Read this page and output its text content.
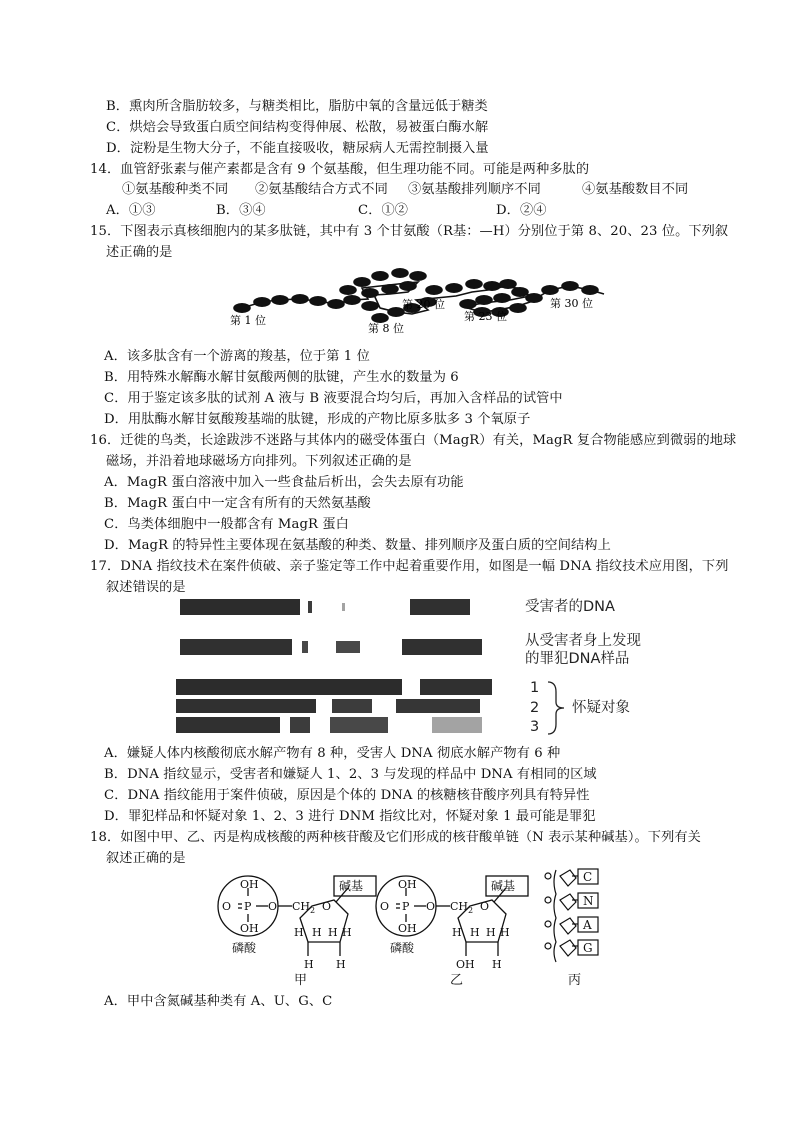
B．熏肉所含脂肪较多，与糖类相比，脂肪中氧的含量远低于糖类
C．烘焙会导致蛋白质空间结构变得伸展、松散，易被蛋白酶水解
D．淀粉是生物大分子，不能直接吸收，糖尿病人无需控制摄入量
14．血管舒张素与催产素都是含有 9 个氨基酸，但生理功能不同。可能是两种多肽的
①氨基酸种类不同 ②氨基酸结合方式不同 ③氨基酸排列顺序不同	④氨基酸数目不同
A．①③	B．③④	C．①②	D．②④
15．下图表示真核细胞内的某多肽链，其中有 3 个甘氨酸（R基：—H）分别位于第 8、20、23 位。下列叙
述正确的是
第 1 位
第 8 位
第 20 位
第 23 位
第 30 位
A．该多肽含有一个游离的羧基，位于第 1 位
B．用特殊水解酶水解甘氨酸两侧的肽键，产生水的数量为 6
C．用于鉴定该多肽的试剂 A 液与 B 液要混合均匀后，再加入含样品的试管中
D．用肽酶水解甘氨酸羧基端的肽键，形成的产物比原多肽多 3 个氧原子
16．迁徙的鸟类，长途跋涉不迷路与其体内的磁受体蛋白（MagR）有关，MagR 复合物能感应到微弱的地球
磁场，并沿着地球磁场方向排列。下列叙述正确的是
A．MagR 蛋白溶液中加入一些食盐后析出，会失去原有功能
B．MagR 蛋白中一定含有所有的天然氨基酸
C．鸟类体细胞中一般都含有 MagR 蛋白
D．MagR 的特异性主要体现在氨基酸的种类、数量、排列顺序及蛋白质的空间结构上
17．DNA 指纹技术在案件侦破、亲子鉴定等工作中起着重要作用，如图是一幅 DNA 指纹技术应用图，下列
叙述错误的是
受害者的DNA
从受害者身上发现
的罪犯DNA样品
1
2
3
怀疑对象
A．嫌疑人体内核酸彻底水解产物有 8 种，受害人 DNA 彻底水解产物有 6 种
B．DNA 指纹显示，受害者和嫌疑人 1、2、3 与发现的样品中 DNA 有相同的区域
C．DNA 指纹能用于案件侦破，原因是个体的 DNA 的核糖核苷酸序列具有特异性
D．罪犯样品和怀疑对象 1、2、3 进行 DNM 指纹比对，怀疑对象 1 最可能是罪犯
18．如图中甲、乙、丙是构成核酸的两种核苷酸及它们形成的核苷酸单链（N 表示某种碱基）。下列有关
叙述正确的是
OH
O P O
OH
$CH_2$ O
H	H
H H
H H
碱基
磷酸
甲
OH
O P O
OH
$CH_2$ O
H	H
H H
OH H
碱基
磷酸
乙
C
N
A
G
丙
A．甲中含氮碱基种类有 A、U、G、C
